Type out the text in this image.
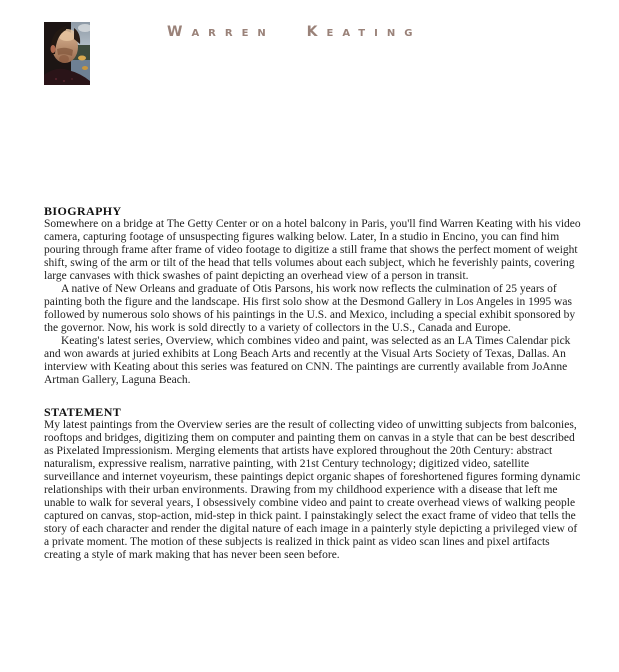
Warren Keating
BIOGRAPHY

Somewhere on a bridge at The Getty Center or on a hotel balcony in Paris, you'll find Warren Keating with his video camera, capturing footage of unsuspecting figures walking below. Later, In a studio in Encino, you can find him pouring through frame after frame of video footage to digitize a still frame that shows the perfect moment of weight shift, swing of the arm or tilt of the head that tells volumes about each subject, which he feverishly paints, covering large canvases with thick swashes of paint depicting an overhead view of a person in transit.

A native of New Orleans and graduate of Otis Parsons, his work now reflects the culmination of 25 years of painting both the figure and the landscape. His first solo show at the Desmond Gallery in Los Angeles in 1995 was followed by numerous solo shows of his paintings in the U.S. and Mexico, including a special exhibit sponsored by the governor. Now, his work is sold directly to a variety of collectors in the U.S., Canada and Europe.

Keating's latest series, Overview, which combines video and paint, was selected as an LA Times Calendar pick and won awards at juried exhibits at Long Beach Arts and recently at the Visual Arts Society of Texas, Dallas. An interview with Keating about this series was featured on CNN. The paintings are currently available from JoAnne Artman Gallery, Laguna Beach.

STATEMENT

My latest paintings from the Overview series are the result of collecting video of unwitting subjects from balconies, rooftops and bridges, digitizing them on computer and painting them on canvas in a style that can be best described as Pixelated Impressionism. Merging elements that artists have explored throughout the 20th Century: abstract naturalism, expressive realism, narrative painting, with 21st Century technology; digitized video, satellite surveillance and internet voyeurism, these paintings depict organic shapes of foreshortened figures forming dynamic relationships with their urban environments. Drawing from my childhood experience with a disease that left me unable to walk for several years, I obsessively combine video and paint to create overhead views of walking people captured on canvas, stop-action, mid-step in thick paint. I painstakingly select the exact frame of video that tells the story of each character and render the digital nature of each image in a painterly style depicting a privileged view of a private moment. The motion of these subjects is realized in thick paint as video scan lines and pixel artifacts creating a style of mark making that has never been seen before.
